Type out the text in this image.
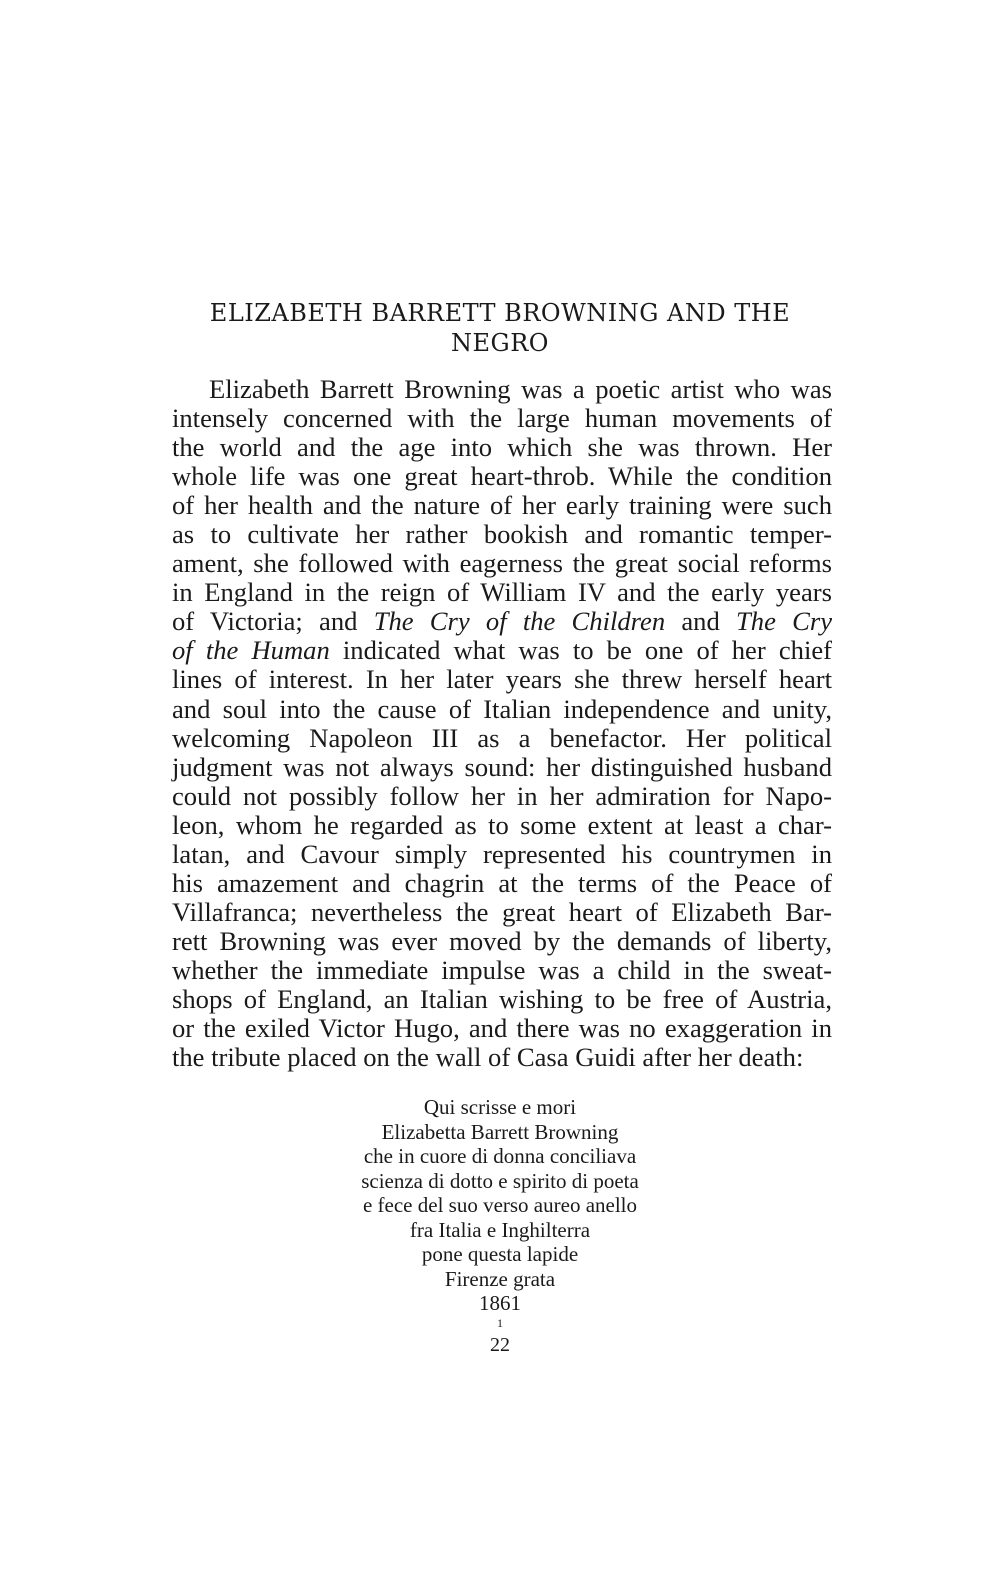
ELIZABETH BARRETT BROWNING AND THE
NEGRO
Elizabeth Barrett Browning was a poetic artist who was
intensely concerned with the large human movements of
the world and the age into which she was thrown. Her
whole life was one great heart-throb. While the condition
of her health and the nature of her early training were such
as to cultivate her rather bookish and romantic temper-
ament, she followed with eagerness the great social reforms
in England in the reign of William IV and the early years
of Victoria; and The Cry of the Children and The Cry
of the Human indicated what was to be one of her chief
lines of interest. In her later years she threw herself heart
and soul into the cause of Italian independence and unity,
welcoming Napoleon III as a benefactor. Her political
judgment was not always sound: her distinguished husband
could not possibly follow her in her admiration for Napo-
leon, whom he regarded as to some extent at least a char-
latan, and Cavour simply represented his countrymen in
his amazement and chagrin at the terms of the Peace of
Villafranca; nevertheless the great heart of Elizabeth Bar-
rett Browning was ever moved by the demands of liberty,
whether the immediate impulse was a child in the sweat-
shops of England, an Italian wishing to be free of Austria,
or the exiled Victor Hugo, and there was no exaggeration in
the tribute placed on the wall of Casa Guidi after her death:
Qui scrisse e mori
Elizabetta Barrett Browning
che in cuore di donna conciliava
scienza di dotto e spirito di poeta
e fece del suo verso aureo anello
fra Italia e Inghilterra
pone questa lapide
Firenze grata
1861
$^1$
22
